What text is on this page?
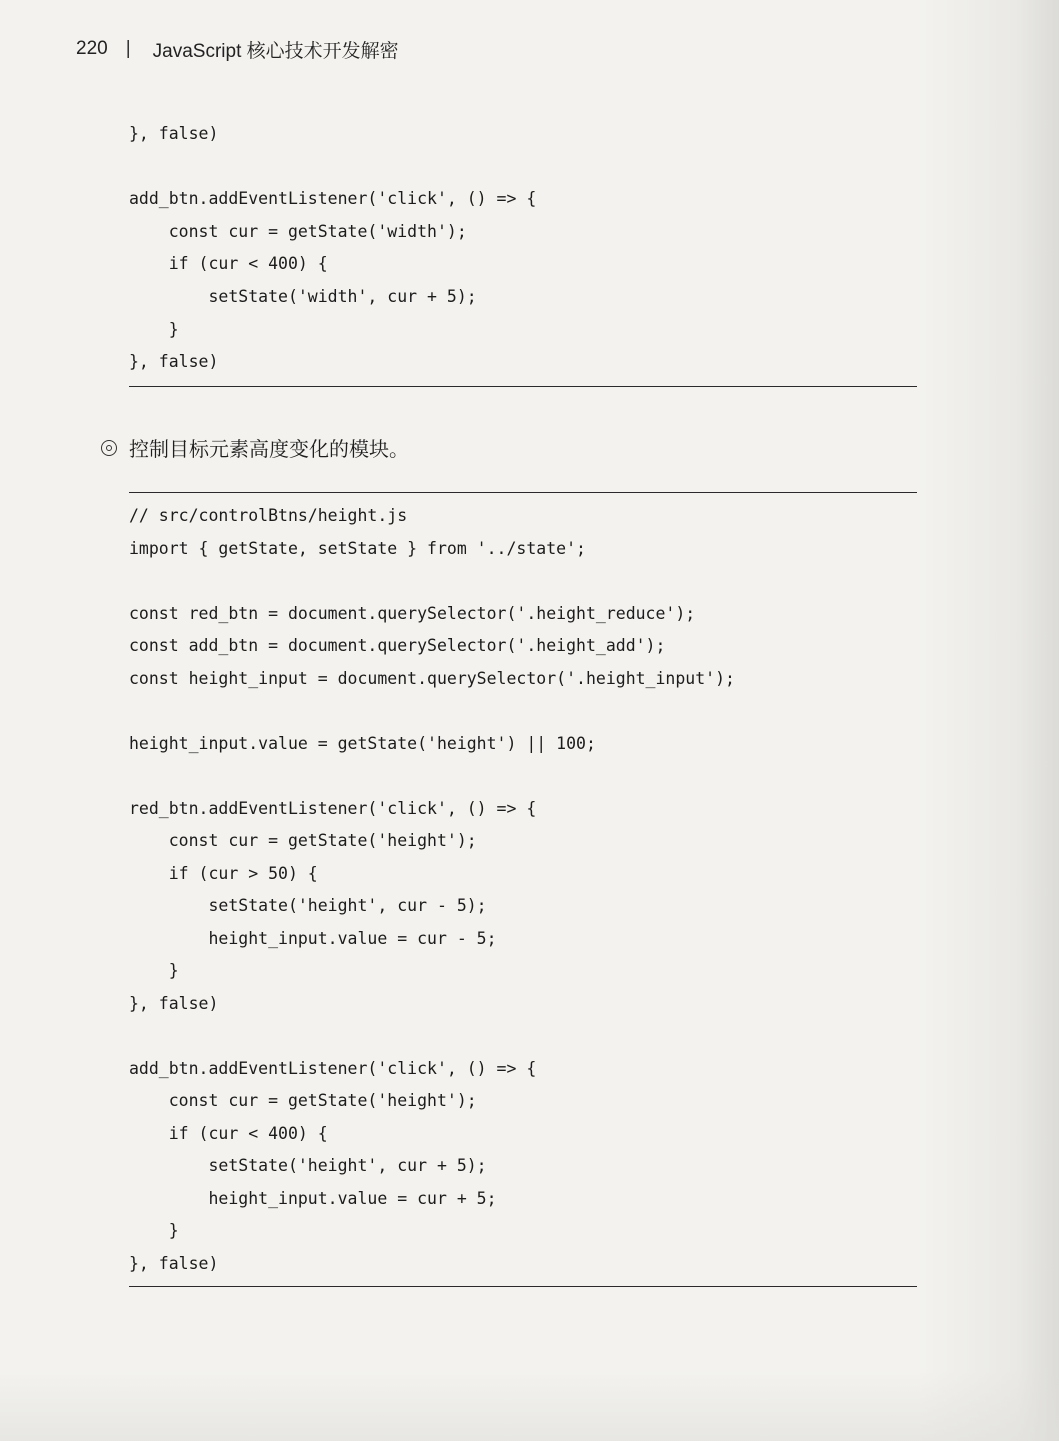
220 | JavaScript 核心技术开发解密
}, false)
add_btn.addEventListener('click', () => {
const cur = getState('width');
if (cur < 400) {
setState('width', cur + 5);
}
}, false)
控制目标元素高度变化的模块。
// src/controlBtns/height.js
import { getState, setState } from '../state';
const red_btn = document.querySelector('.height_reduce');
const add_btn = document.querySelector('.height_add');
const height_input = document.querySelector('.height_input');
height_input.value = getState('height') || 100;
red_btn.addEventListener('click', () => {
const cur = getState('height');
if (cur > 50) {
setState('height', cur - 5);
height_input.value = cur - 5;
}
}, false)
add_btn.addEventListener('click', () => {
const cur = getState('height');
if (cur < 400) {
setState('height', cur + 5);
height_input.value = cur + 5;
}
}, false)
